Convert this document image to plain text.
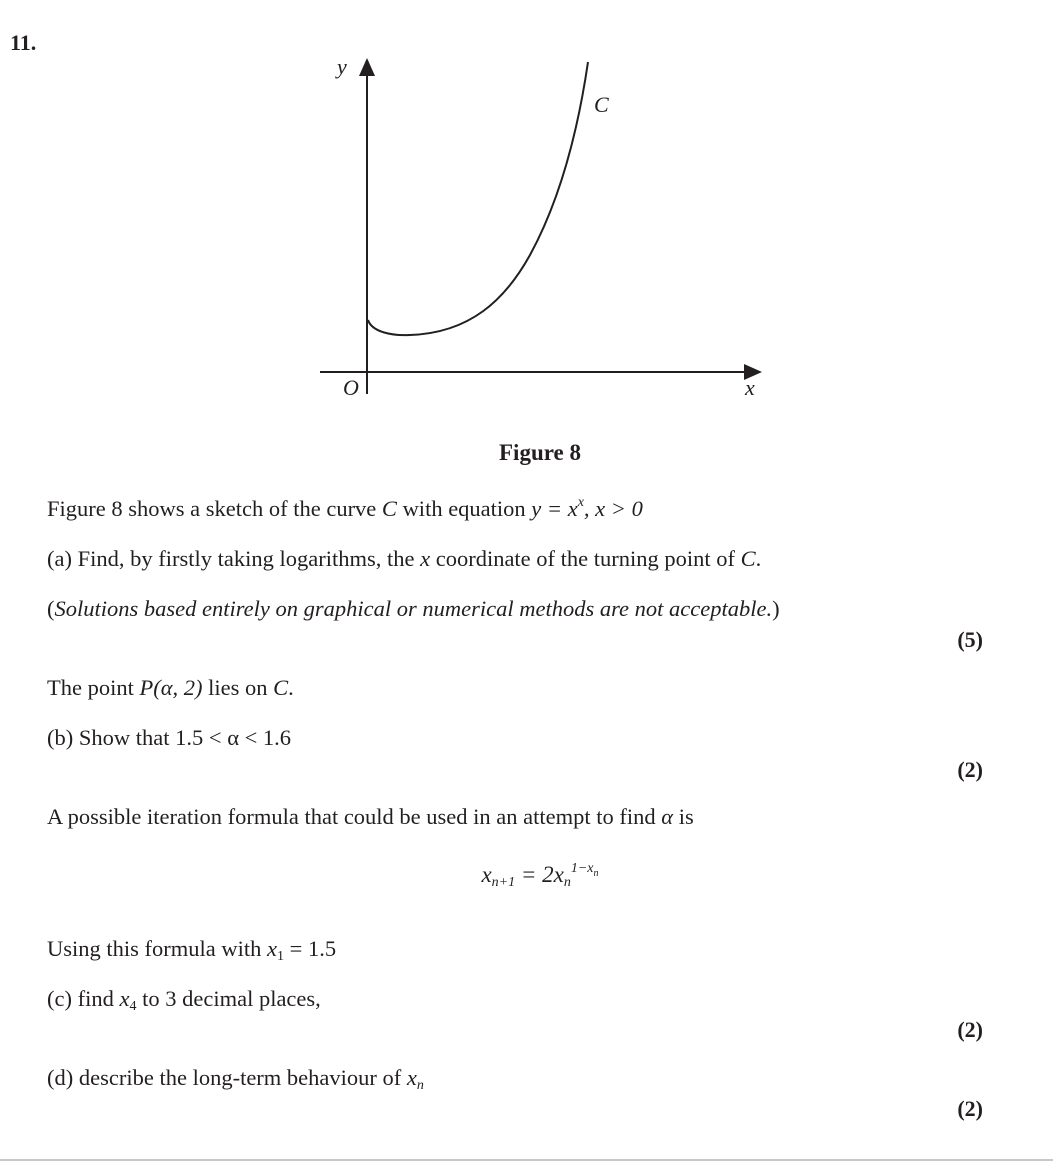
11.
y
x
O
C
Figure 8
Figure 8 shows a sketch of the curve C with equation $y = x^x$, x > 0
(a) Find, by firstly taking logarithms, the x coordinate of the turning point of C.
(Solutions based entirely on graphical or numerical methods are not acceptable.)
(5)
The point P(α, 2) lies on C.
(b) Show that 1.5 < α < 1.6
(2)
A possible iteration formula that could be used in an attempt to find α is
$x_{n+1} = 2x_n^{1-xn}$
Using this formula with $x_1 = 1.5$
(c) find $x_4$ to 3 decimal places,
(2)
(d) describe the long-term behaviour of $x_n$
(2)
